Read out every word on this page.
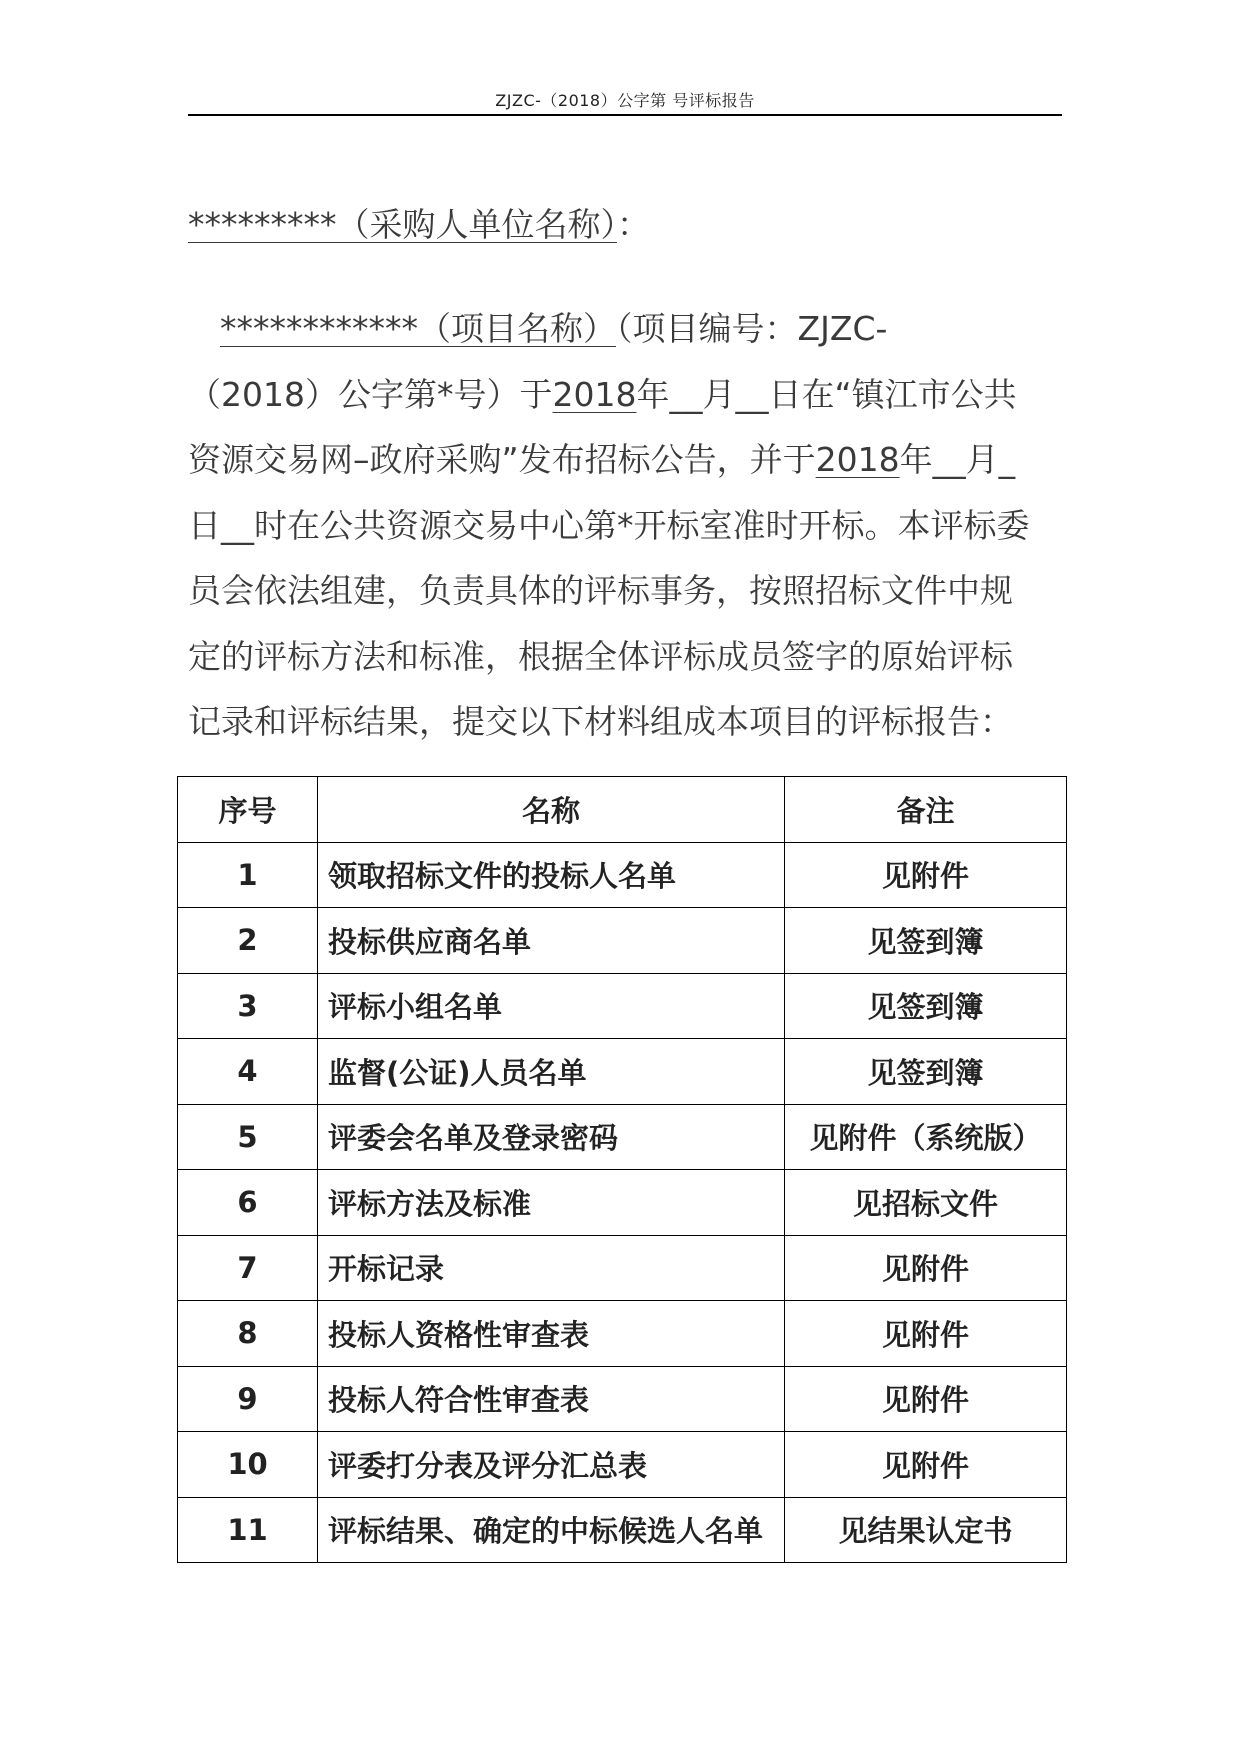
ZJZC-（2018）公字第 号评标报告
*********（采购人单位名称）：
************（项目名称）（项目编号：ZJZC-
（2018）公字第*号）于2018年__月__日在“镇江市公共
资源交易网–政府采购”发布招标公告，并于2018年__月_
日__时在公共资源交易中心第*开标室准时开标。本评标委
员会依法组建，负责具体的评标事务，按照招标文件中规
定的评标方法和标准，根据全体评标成员签字的原始评标
记录和评标结果，提交以下材料组成本项目的评标报告：
序号	名称	备注
1	领取招标文件的投标人名单	见附件
2	投标供应商名单	见签到簿
3	评标小组名单	见签到簿
4	监督(公证)人员名单	见签到簿
5	评委会名单及登录密码	见附件（系统版）
6	评标方法及标准	见招标文件
7	开标记录	见附件
8	投标人资格性审查表	见附件
9	投标人符合性审查表	见附件
10	评委打分表及评分汇总表	见附件
11	评标结果、确定的中标候选人名单	见结果认定书
